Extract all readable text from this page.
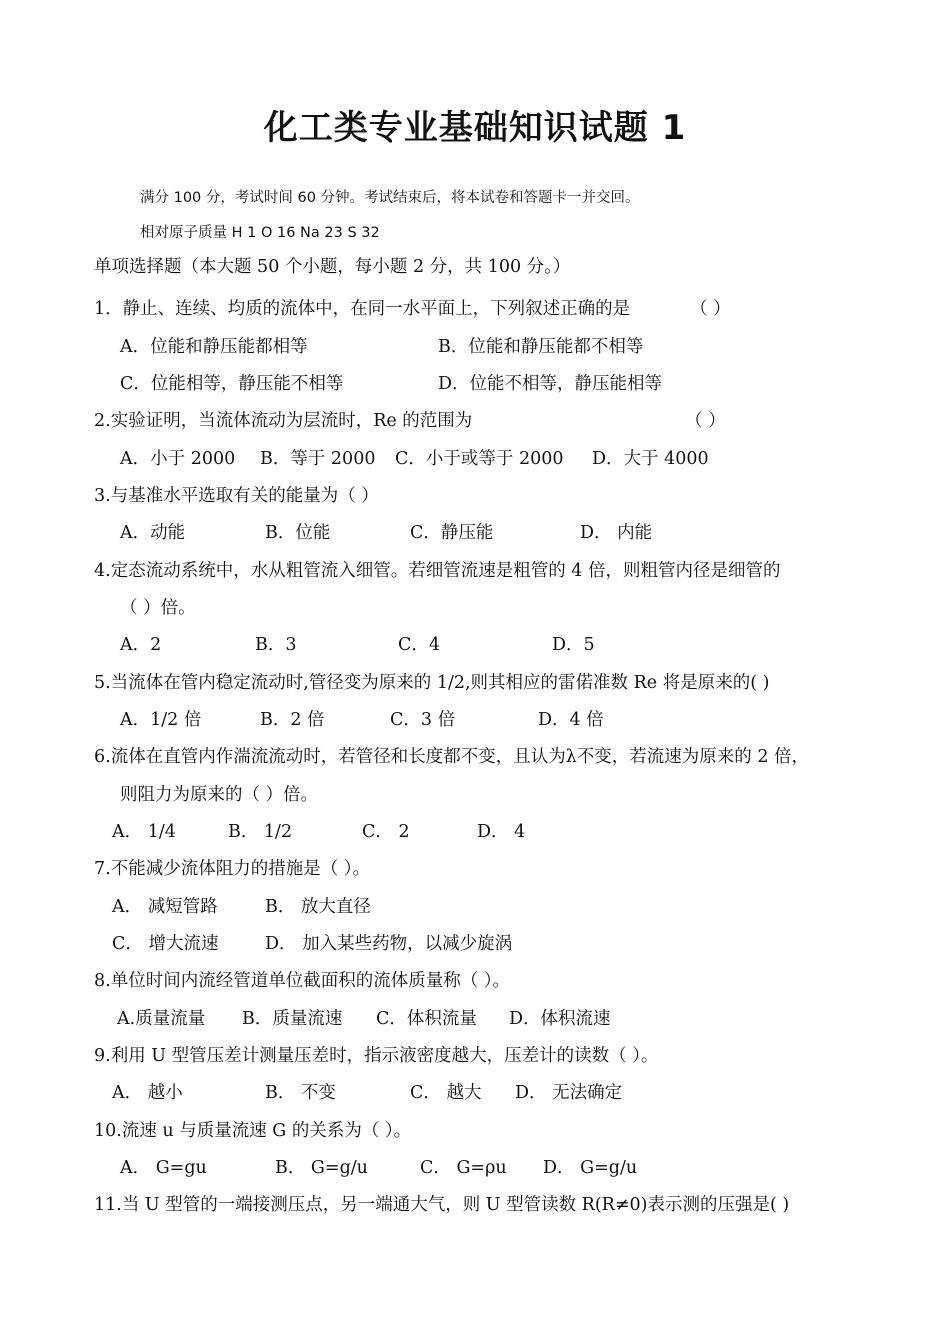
化工类专业基础知识试题 1
满分 100 分，考试时间 60 分钟。考试结束后，将本试卷和答题卡一并交回。
相对原子质量 H 1 O 16 Na 23 S 32
单项选择题（本大题 50 个小题，每小题 2 分，共 100 分。）
1．静止、连续、均质的流体中，在同一水平面上，下列叙述正确的是	（ ）
A．位能和静压能都相等	B．位能和静压能都不相等
C．位能相等，静压能不相等	D．位能不相等，静压能相等
2.实验证明，当流体流动为层流时，Re 的范围为	（ ）
A．小于 2000 B．等于 2000 C．小于或等于 2000 D．大于 4000
3.与基准水平选取有关的能量为（ ）
A．动能	B．位能	C．静压能	D． 内能
4.定态流动系统中，水从粗管流入细管。若细管流速是粗管的 4 倍，则粗管内径是细管的
（ ）倍。
A．2	B．3	C．4	D．5
5.当流体在管内稳定流动时,管径变为原来的 1/2,则其相应的雷偌准数 Re 将是原来的( )
A．1/2 倍	B．2 倍	C．3 倍	D．4 倍
6.流体在直管内作湍流流动时，若管径和长度都不变，且认为λ不变，若流速为原来的 2 倍，
则阻力为原来的（ ）倍。
A． 1/4	B． 1/2	C． 2	D． 4
7.不能减少流体阻力的措施是（ ）。
A． 减短管路	B． 放大直径
C． 增大流速	D． 加入某些药物，以减少旋涡
8.单位时间内流经管道单位截面积的流体质量称（ ）。
A.质量流量 B．质量流速 C．体积流量 D．体积流速
9.利用 U 型管压差计测量压差时，指示液密度越大，压差计的读数（ ）。
A． 越小	B． 不变	C． 越大 D． 无法确定
10.流速 u 与质量流速 G 的关系为（ ）。
A． G=gu	B． G=g/u	C． G=ρu D． G=g/u
11.当 U 型管的一端接测压点，另一端通大气，则 U 型管读数 R(R≠0)表示测的压强是( )
